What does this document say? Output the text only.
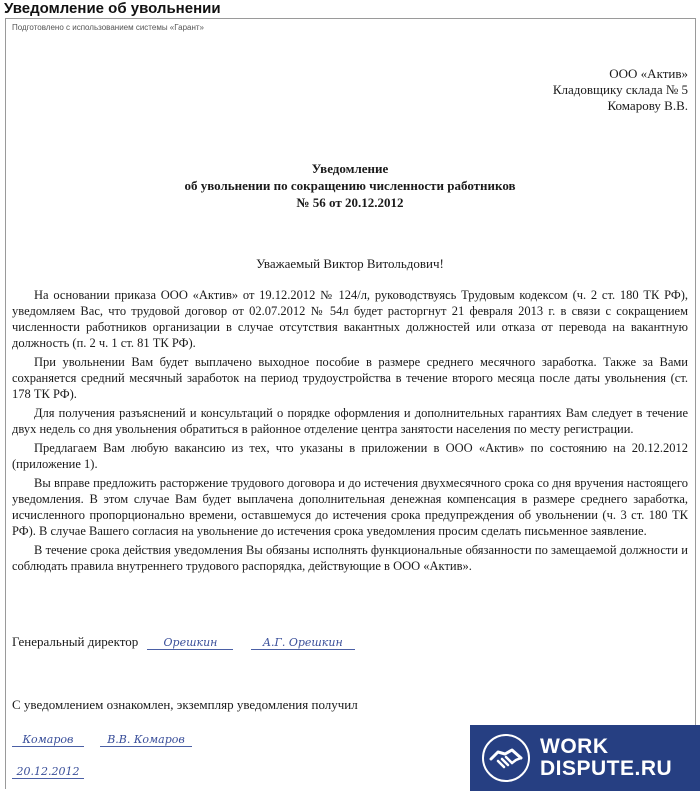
Уведомление об увольнении
Подготовлено с использованием системы «Гарант»
ООО «Актив»
Кладовщику склада № 5
Комарову В.В.
Уведомление
об увольнении по сокращению численности работников
№ 56 от 20.12.2012
Уважаемый Виктор Витольдович!

На основании приказа ООО «Актив» от 19.12.2012 № 124/л, руководствуясь Трудовым кодексом (ч. 2 ст. 180 ТК РФ), уведомляем Вас, что трудовой договор от 02.07.2012 № 54л будет расторгнут 21 февраля 2013 г. в связи с сокращением численности работников организации в случае отсутствия вакантных должностей или отказа от перевода на вакантную должность (п. 2 ч. 1 ст. 81 ТК РФ).

При увольнении Вам будет выплачено выходное пособие в размере среднего месячного заработка. Также за Вами сохраняется средний месячный заработок на период трудоустройства в течение второго месяца после даты увольнения (ст. 178 ТК РФ).

Для получения разъяснений и консультаций о порядке оформления и дополнительных гарантиях Вам следует в течение двух недель со дня увольнения обратиться в районное отделение центра занятости населения по месту регистрации.

Предлагаем Вам любую вакансию из тех, что указаны в приложении в ООО «Актив» по состоянию на 20.12.2012 (приложение 1).

Вы вправе предложить расторжение трудового договора и до истечения двухмесячного срока со дня вручения настоящего уведомления. В этом случае Вам будет выплачена дополнительная денежная компенсация в размере среднего заработка, исчисленного пропорционально времени, оставшемуся до истечения срока предупреждения об увольнении (ч. 3 ст. 180 ТК РФ). В случае Вашего согласия на увольнение до истечения срока уведомления просим сделать письменное заявление.

В течение срока действия уведомления Вы обязаны исполнять функциональные обязанности по замещаемой должности и соблюдать правила внутреннего трудового распорядка, действующие в ООО «Актив».

Генеральный директор Орешкин	А.Г. Орешкин
С уведомлением ознакомлен, экземпляр уведомления получил
Комаров	В.В. Комаров
20.12.2012
WORK
DISPUTE.RU
